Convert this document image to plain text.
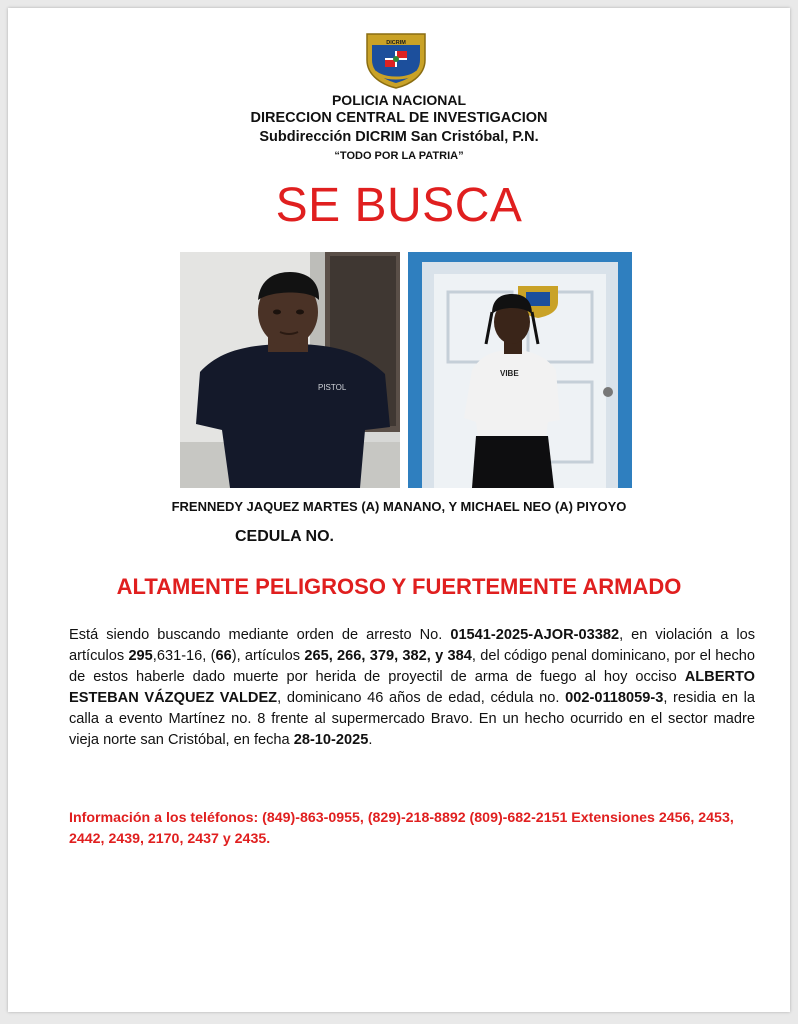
DICRIM
POLICIA NACIONAL
DIRECCION CENTRAL DE INVESTIGACION
Subdirección DICRIM San Cristóbal, P.N.
“TODO POR LA PATRIA”
SE BUSCA
PISTOL
VIBE
FRENNEDY JAQUEZ MARTES (A) MANANO, Y MICHAEL NEO (A) PIYOYO
CEDULA NO.
ALTAMENTE PELIGROSO Y FUERTEMENTE ARMADO
Está siendo buscando mediante orden de arresto No. 01541-2025-AJOR-03382, en violación a los artículos 295,631-16, (66), artículos 265, 266, 379, 382, y 384, del código penal dominicano, por el hecho de estos haberle dado muerte por herida de proyectil de arma de fuego al hoy occiso ALBERTO ESTEBAN VÁZQUEZ VALDEZ, dominicano 46 años de edad, cédula no. 002-0118059-3, residia en la calla a evento Martínez no. 8 frente al supermercado Bravo. En un hecho ocurrido en el sector madre vieja norte san Cristóbal, en fecha 28-10-2025.
Información a los teléfonos: (849)-863-0955, (829)-218-8892 (809)-682-2151 Extensiones 2456, 2453, 2442, 2439, 2170, 2437 y 2435.
